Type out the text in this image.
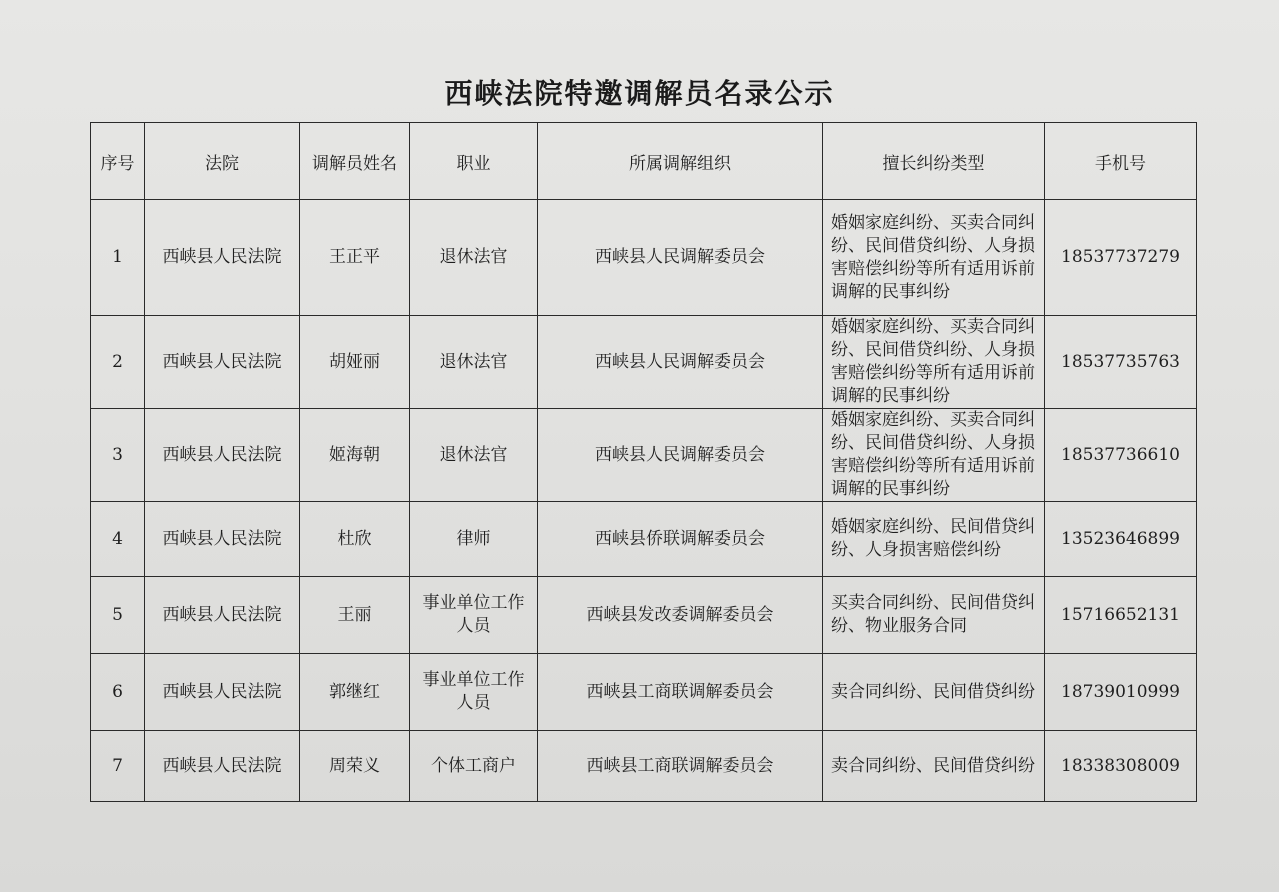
西峡法院特邀调解员名录公示
序号	法院	调解员姓名	职业	所属调解组织	擅长纠纷类型	手机号
1	西峡县人民法院	王正平	退休法官	西峡县人民调解委员会	婚姻家庭纠纷、买卖合同纠纷、民间借贷纠纷、人身损害赔偿纠纷等所有适用诉前调解的民事纠纷	18537737279
2	西峡县人民法院	胡娅丽	退休法官	西峡县人民调解委员会	婚姻家庭纠纷、买卖合同纠纷、民间借贷纠纷、人身损害赔偿纠纷等所有适用诉前调解的民事纠纷	18537735763
3	西峡县人民法院	姬海朝	退休法官	西峡县人民调解委员会	婚姻家庭纠纷、买卖合同纠纷、民间借贷纠纷、人身损害赔偿纠纷等所有适用诉前调解的民事纠纷	18537736610
4	西峡县人民法院	杜欣	律师	西峡县侨联调解委员会	婚姻家庭纠纷、民间借贷纠纷、人身损害赔偿纠纷	13523646899
5	西峡县人民法院	王丽	事业单位工作人员	西峡县发改委调解委员会	买卖合同纠纷、民间借贷纠纷、物业服务合同	15716652131
6	西峡县人民法院	郭继红	事业单位工作人员	西峡县工商联调解委员会	卖合同纠纷、民间借贷纠纷	18739010999
7	西峡县人民法院	周荣义	个体工商户	西峡县工商联调解委员会	卖合同纠纷、民间借贷纠纷	18338308009
